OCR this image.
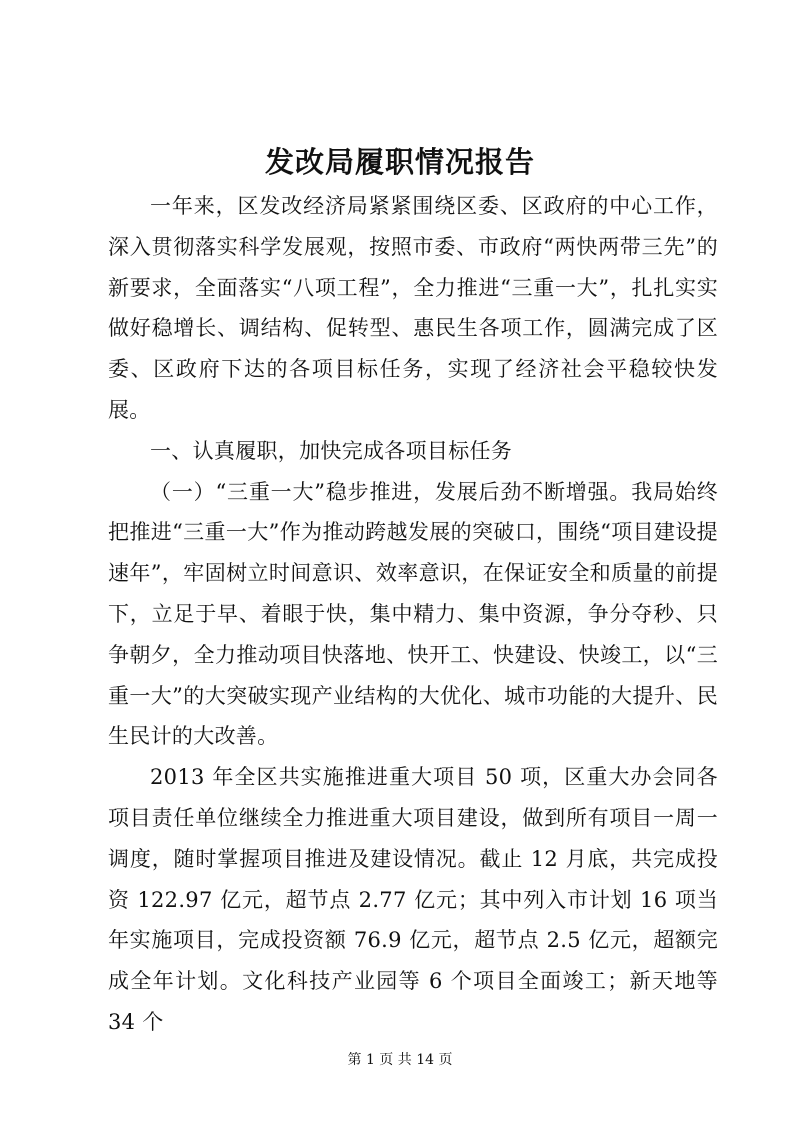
发改局履职情况报告

一年来，区发改经济局紧紧围绕区委、区政府的中心工作，深入贯彻落实科学发展观，按照市委、市政府“两快两带三先”的新要求，全面落实“八项工程”，全力推进“三重一大”，扎扎实实做好稳增长、调结构、促转型、惠民生各项工作，圆满完成了区委、区政府下达的各项目标任务，实现了经济社会平稳较快发展。

一、认真履职，加快完成各项目标任务

（一）“三重一大”稳步推进，发展后劲不断增强。我局始终把推进“三重一大”作为推动跨越发展的突破口，围绕“项目建设提速年”，牢固树立时间意识、效率意识，在保证安全和质量的前提下，立足于早、着眼于快，集中精力、集中资源，争分夺秒、只争朝夕，全力推动项目快落地、快开工、快建设、快竣工，以“三重一大”的大突破实现产业结构的大优化、城市功能的大提升、民生民计的大改善。

2013 年全区共实施推进重大项目 50 项，区重大办会同各项目责任单位继续全力推进重大项目建设，做到所有项目一周一调度，随时掌握项目推进及建设情况。截止 12 月底，共完成投资 122.97 亿元，超节点 2.77 亿元；其中列入市计划 16 项当年实施项目，完成投资额 76.9 亿元，超节点 2.5 亿元，超额完成全年计划。文化科技产业园等 6 个项目全面竣工；新天地等 34 个

第 1 页 共 14 页
